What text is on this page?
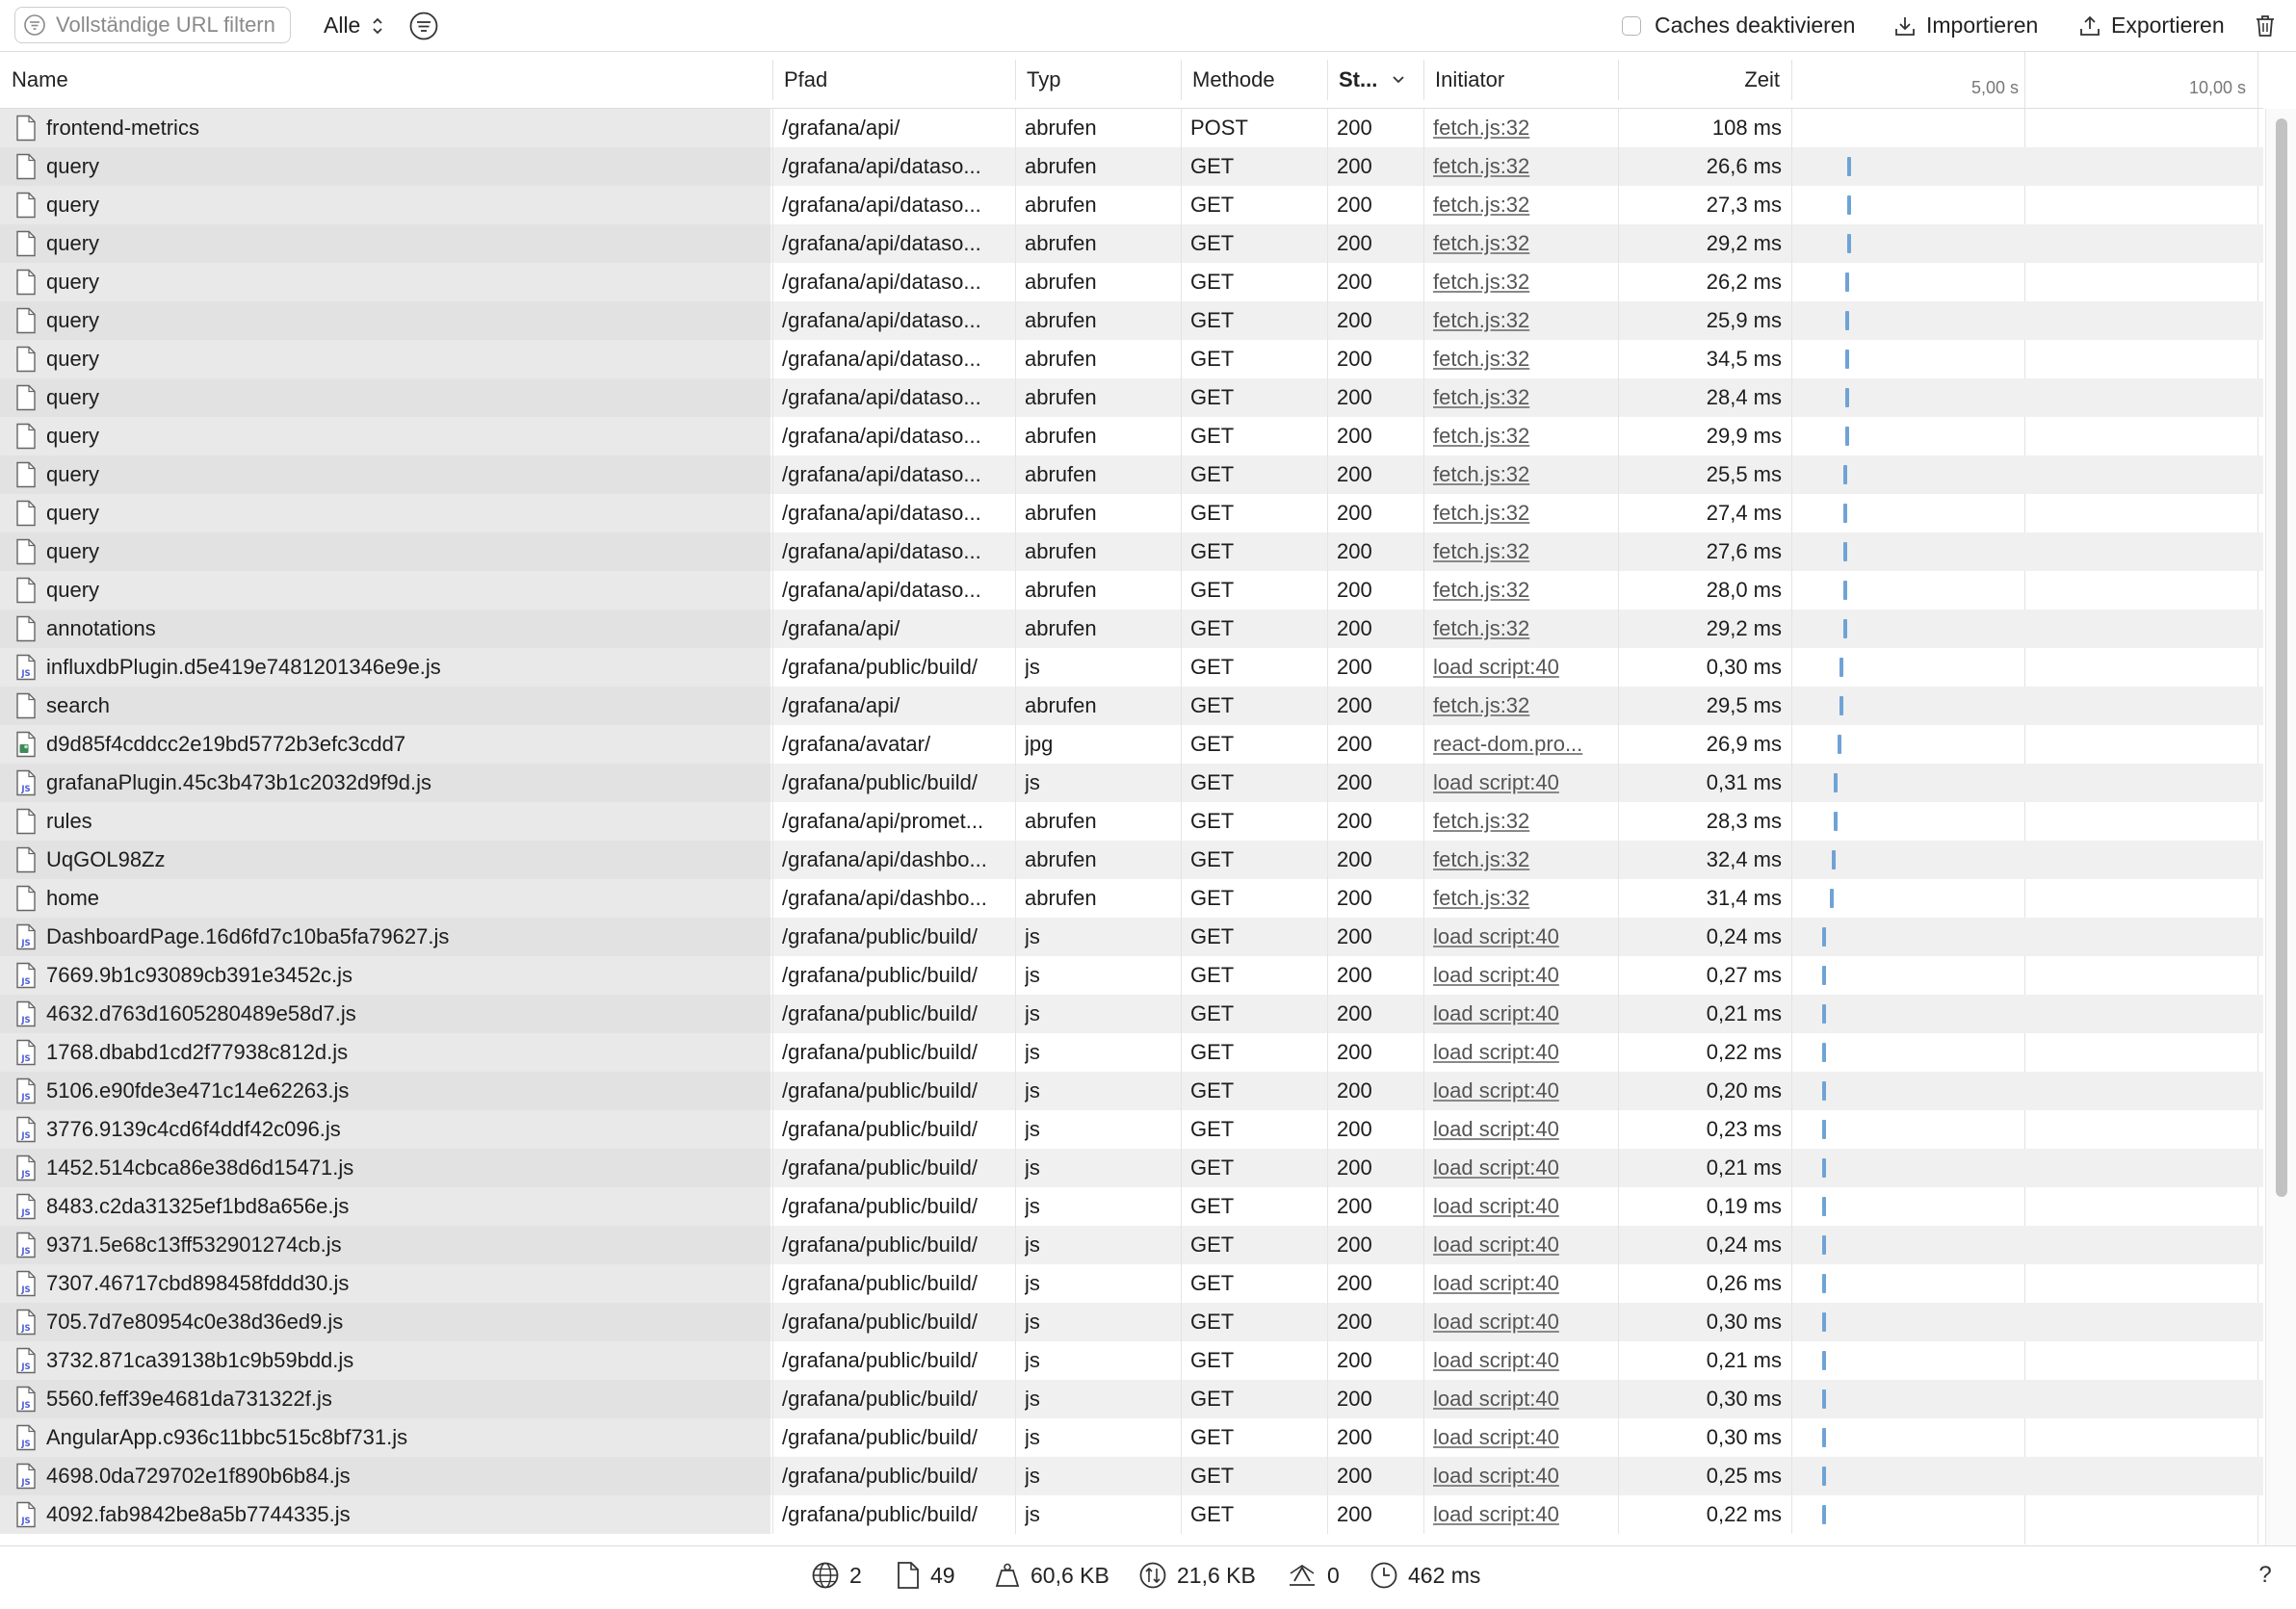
Vollständige URL filtern
Alle	Caches deaktivieren	Importieren	Exportieren
Name	Pfad	Typ	Methode	St...	Initiator	Zeit	5,00 s	10,00 s
frontend-metrics	/grafana/api/	abrufen	POST	200	fetch.js:32	108 ms
query	/grafana/api/dataso...	abrufen	GET	200	fetch.js:32	26,6 ms
query	/grafana/api/dataso...	abrufen	GET	200	fetch.js:32	27,3 ms
query	/grafana/api/dataso...	abrufen	GET	200	fetch.js:32	29,2 ms
query	/grafana/api/dataso...	abrufen	GET	200	fetch.js:32	26,2 ms
query	/grafana/api/dataso...	abrufen	GET	200	fetch.js:32	25,9 ms
query	/grafana/api/dataso...	abrufen	GET	200	fetch.js:32	34,5 ms
query	/grafana/api/dataso...	abrufen	GET	200	fetch.js:32	28,4 ms
query	/grafana/api/dataso...	abrufen	GET	200	fetch.js:32	29,9 ms
query	/grafana/api/dataso...	abrufen	GET	200	fetch.js:32	25,5 ms
query	/grafana/api/dataso...	abrufen	GET	200	fetch.js:32	27,4 ms
query	/grafana/api/dataso...	abrufen	GET	200	fetch.js:32	27,6 ms
query	/grafana/api/dataso...	abrufen	GET	200	fetch.js:32	28,0 ms
annotations	/grafana/api/	abrufen	GET	200	fetch.js:32	29,2 ms
JS influxdbPlugin.d5e419e7481201346e9e.js	/grafana/public/build/	js	GET	200	load script:40	0,30 ms
search	/grafana/api/	abrufen	GET	200	fetch.js:32	29,5 ms
d9d85f4cddcc2e19bd5772b3efc3cdd7	/grafana/avatar/	jpg	GET	200	react-dom.pro...	26,9 ms
JS grafanaPlugin.45c3b473b1c2032d9f9d.js	/grafana/public/build/	js	GET	200	load script:40	0,31 ms
rules	/grafana/api/promet...	abrufen	GET	200	fetch.js:32	28,3 ms
UqGOL98Zz	/grafana/api/dashbo...	abrufen	GET	200	fetch.js:32	32,4 ms
home	/grafana/api/dashbo...	abrufen	GET	200	fetch.js:32	31,4 ms
JS DashboardPage.16d6fd7c10ba5fa79627.js	/grafana/public/build/	js	GET	200	load script:40	0,24 ms
JS 7669.9b1c93089cb391e3452c.js	/grafana/public/build/	js	GET	200	load script:40	0,27 ms
JS 4632.d763d1605280489e58d7.js	/grafana/public/build/	js	GET	200	load script:40	0,21 ms
JS 1768.dbabd1cd2f77938c812d.js	/grafana/public/build/	js	GET	200	load script:40	0,22 ms
JS 5106.e90fde3e471c14e62263.js	/grafana/public/build/	js	GET	200	load script:40	0,20 ms
JS 3776.9139c4cd6f4ddf42c096.js	/grafana/public/build/	js	GET	200	load script:40	0,23 ms
JS 1452.514cbca86e38d6d15471.js	/grafana/public/build/	js	GET	200	load script:40	0,21 ms
JS 8483.c2da31325ef1bd8a656e.js	/grafana/public/build/	js	GET	200	load script:40	0,19 ms
JS 9371.5e68c13ff532901274cb.js	/grafana/public/build/	js	GET	200	load script:40	0,24 ms
JS 7307.46717cbd898458fddd30.js	/grafana/public/build/	js	GET	200	load script:40	0,26 ms
JS 705.7d7e80954c0e38d36ed9.js	/grafana/public/build/	js	GET	200	load script:40	0,30 ms
JS 3732.871ca39138b1c9b59bdd.js	/grafana/public/build/	js	GET	200	load script:40	0,21 ms
JS 5560.feff39e4681da731322f.js	/grafana/public/build/	js	GET	200	load script:40	0,30 ms
JS AngularApp.c936c11bbc515c8bf731.js	/grafana/public/build/	js	GET	200	load script:40	0,30 ms
JS 4698.0da729702e1f890b6b84.js	/grafana/public/build/	js	GET	200	load script:40	0,25 ms
JS 4092.fab9842be8a5b7744335.js	/grafana/public/build/	js	GET	200	load script:40	0,22 ms
2	49	60,6 KB	21,6 KB	0	462 ms	?
